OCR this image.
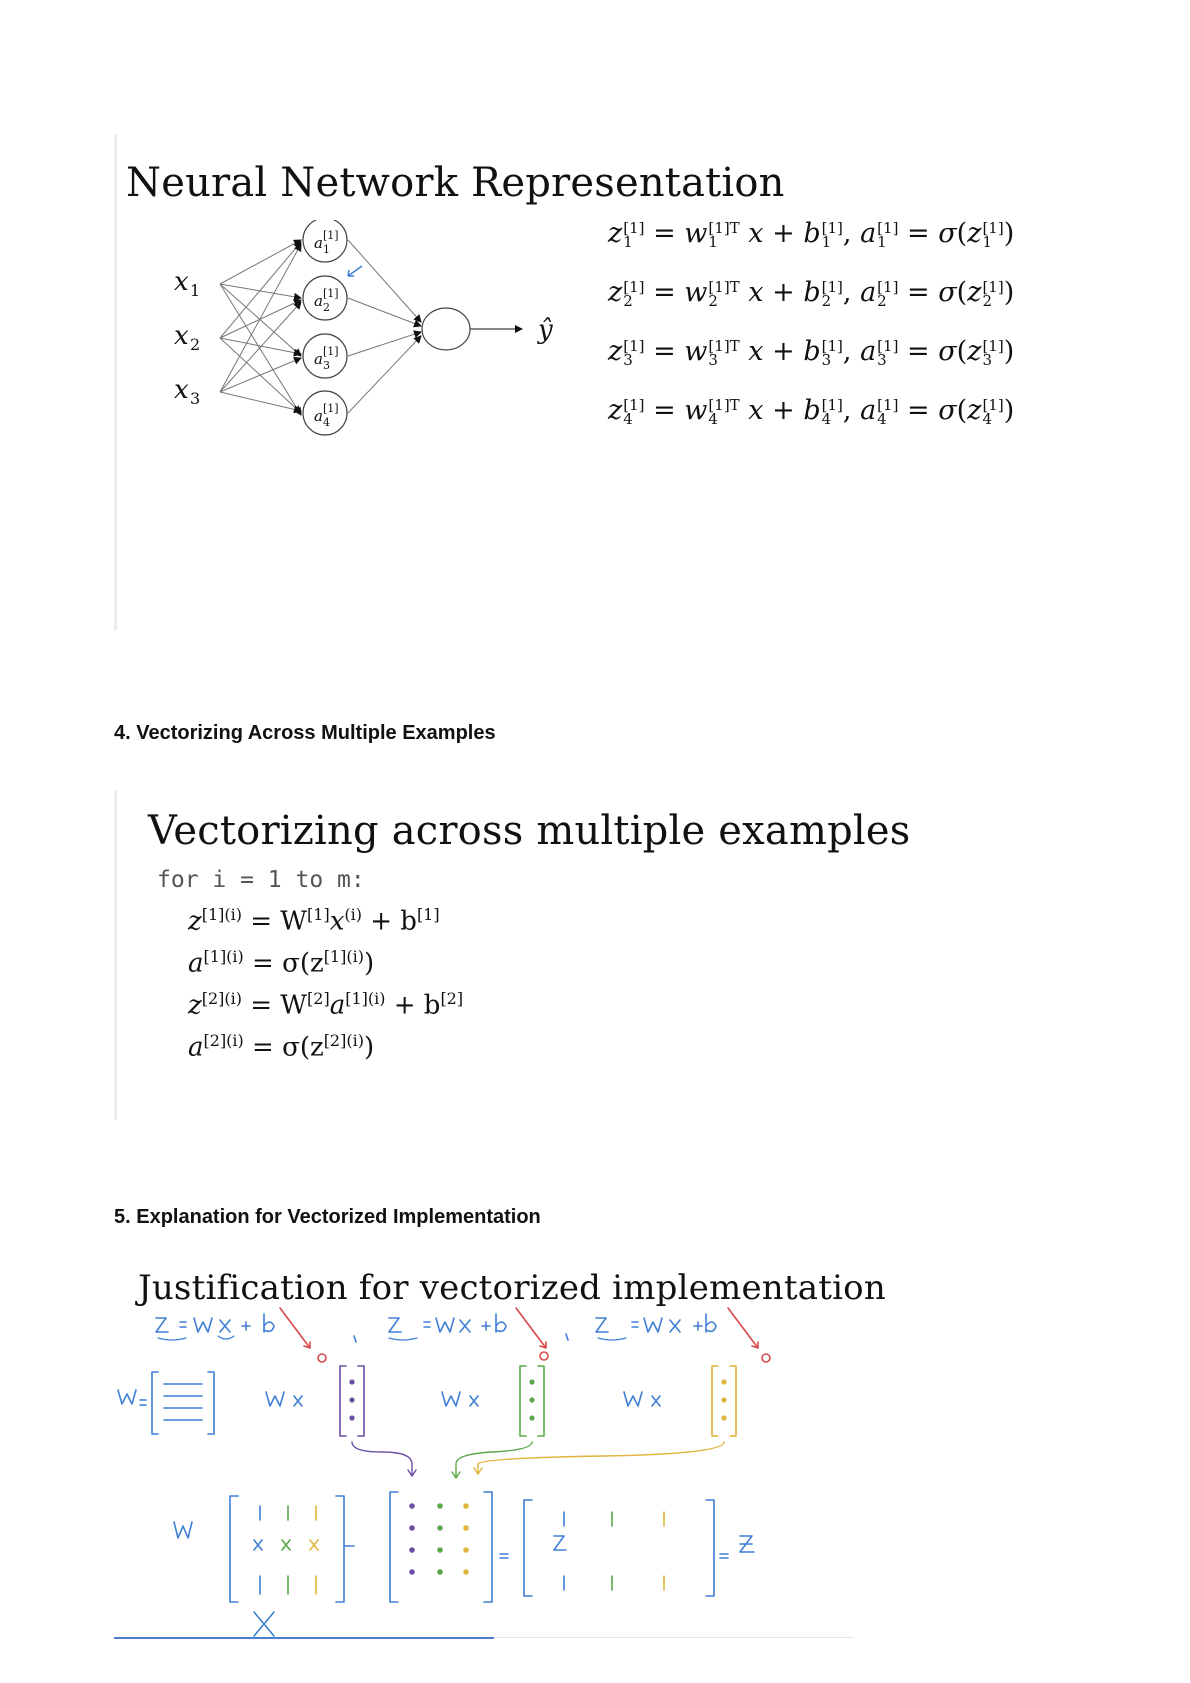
Neural Network Representation
a [1]
1
a [1]
2
a [1]
3
a [1]
4
x 1
x 2
x 3
ŷ
z [1]
1 = w [1]T
1	x + b [1]
1 , a [1]
1 = σ(z [1]
1 )
z [1]
2 = w [1]T
2	x + b [1]
2 , a [1]
2 = σ(z [1]
2 )
z [1]
3 = w [1]T
3	x + b [1]
3 , a [1]
3 = σ(z [1]
3 )
z [1]
4 = w [1]T
4	x + b [1]
4 , a [1]
4 = σ(z [1]
4 )
4. Vectorizing Across Multiple Examples
Vectorizing across multiple examples
for i = 1 to m:
$z^{[1](i)} = W[1]x^{(i)} + b[1]$
$a^{[1](i)} = \sigma(z^{[1](i)})$
$z^{[2](i)} = W[2]a^{[1](i)} + b[2]$
$a^{[2](i)} = \sigma(z^{[2](i)})$
5. Explanation for Vectorized Implementation
Justification for vectorized implementation
